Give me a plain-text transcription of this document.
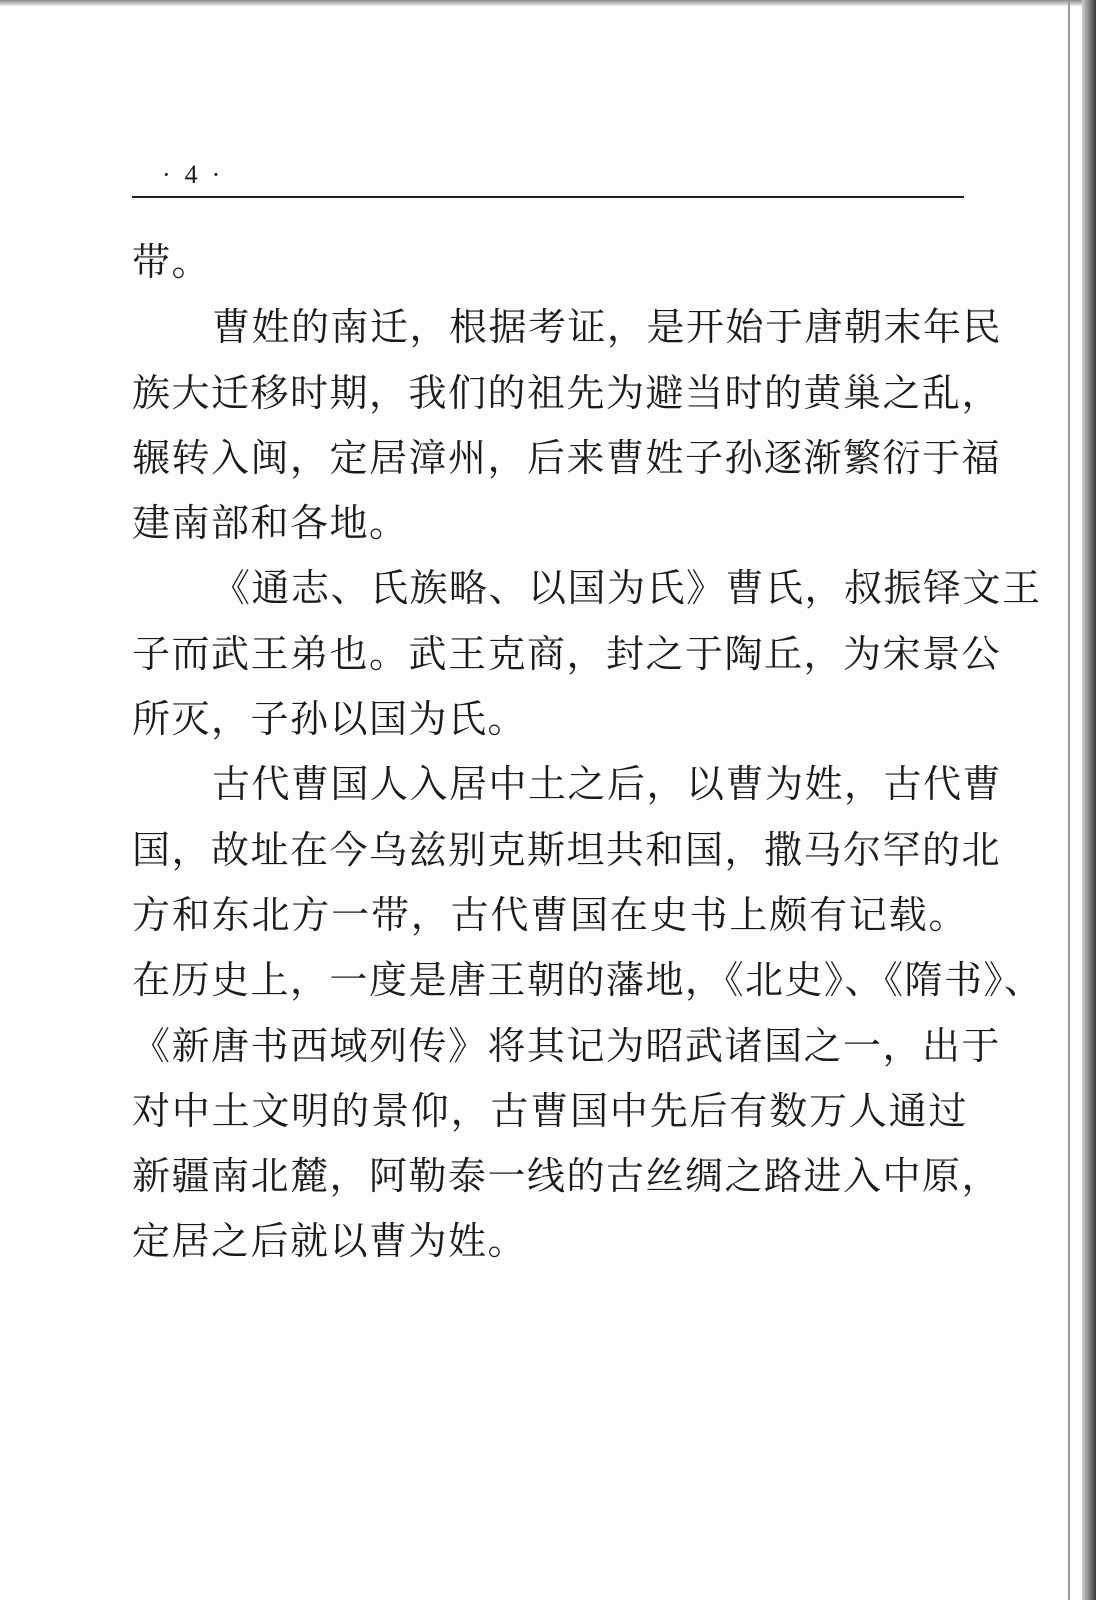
·4·
带。
曹姓的南迁，根据考证，是开始于唐朝末年民
族大迁移时期，我们的祖先为避当时的黄巢之乱，
辗转入闽，定居漳州，后来曹姓子孙逐渐繁衍于福
建南部和各地。
《通志、氏族略、以国为氏》曹氏，叔振铎文王
子而武王弟也。武王克商，封之于陶丘，为宋景公
所灭，子孙以国为氏。
古代曹国人入居中土之后，以曹为姓，古代曹
国，故址在今乌兹别克斯坦共和国，撒马尔罕的北
方和东北方一带，古代曹国在史书上颇有记载。
在历史上，一度是唐王朝的藩地，《北史》、《隋书》、
《新唐书西域列传》将其记为昭武诸国之一，出于
对中土文明的景仰，古曹国中先后有数万人通过
新疆南北麓，阿勒泰一线的古丝绸之路进入中原，
定居之后就以曹为姓。
